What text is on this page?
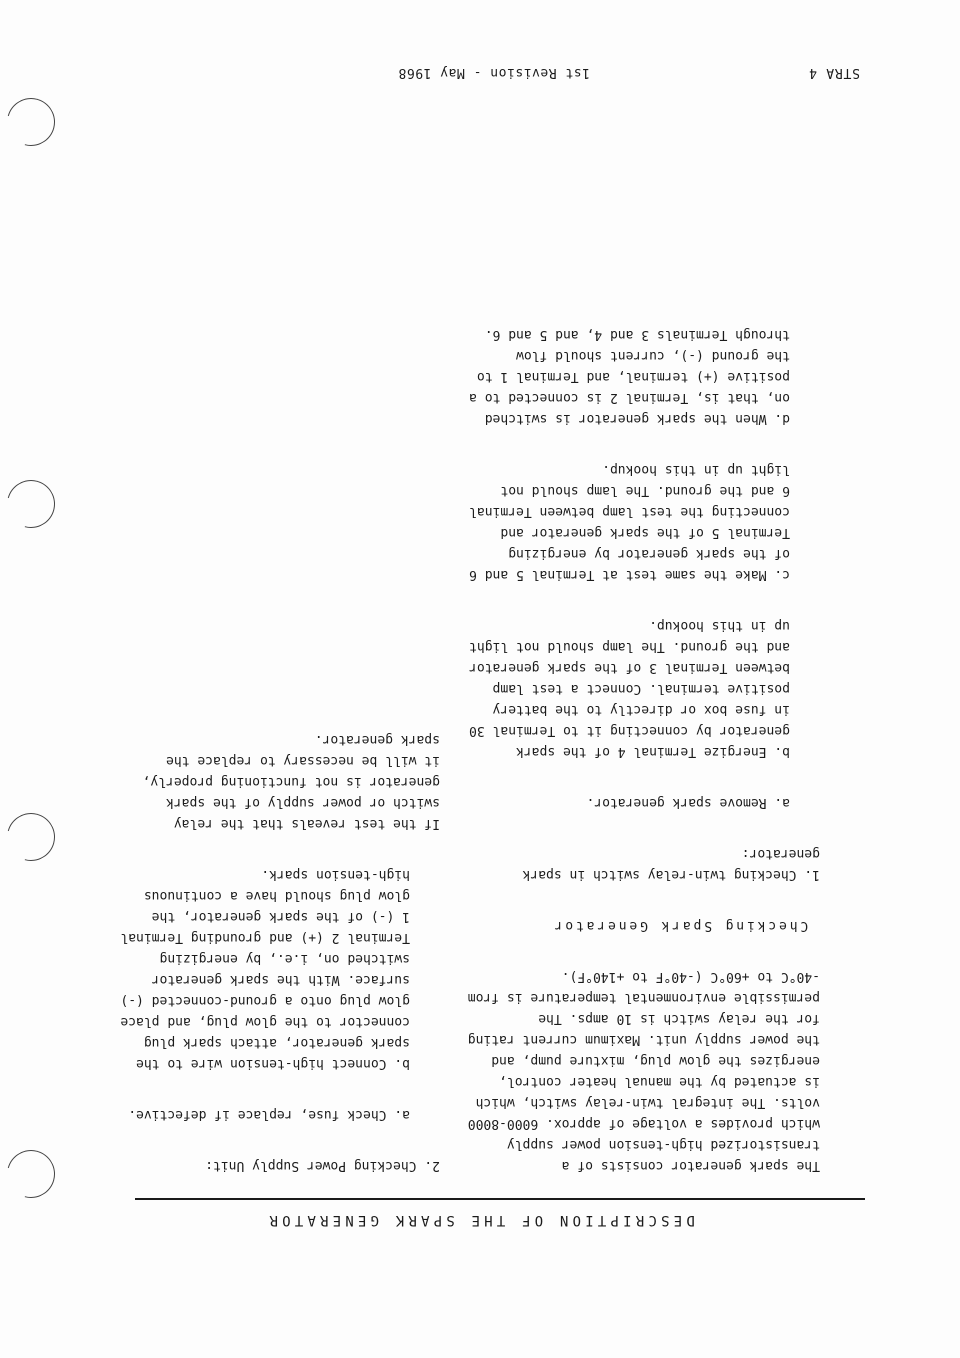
DESCRIPTION OF THE SPARK GENERATOR

The spark generator consists of a transistorized high-tension power supply which provides a voltage of approx. 6000-8000 volts. The integral twin-relay switch, which is actuated by the manual heater control, energizes the glow plug, mixture pump, and the power supply unit. Maximum current rating for the relay switch is 10 amps. The permissible environmental temperature is from -40°C to +60°C (-40°F to +140°F).

Checking Spark Generator

1. Checking twin-relay switch in spark generator:

a. Remove spark generator.

b. Energize Terminal 4 of the spark generator by connecting it to Terminal 30 in fuse box or directly to the battery positive terminal. Connect a test lamp between Terminal 3 of the spark generator and the ground. The lamp should not light up in this hookup.

c. Make the same test at Terminal 5 and 6 of the spark generator by energizing Terminal 5 of the spark generator and connecting the test lamp between Terminal 6 and the ground. The lamp should not light up in this hookup.

d. When the spark generator is switched on, that is, Terminal 2 is connected to a positive (+) terminal, and Terminal 1 to the ground (-), current should flow through Terminals 3 and 4, and 5 and 6.

2. Checking Power Supply Unit:

a. Check fuse, replace if defective.

b. Connect high-tension wire to the spark generator, attach spark plug connector to the glow plug, and place glow plug onto a ground-connected (-) surface. With the spark generator switched on, i.e., by energizing Terminal 2 (+) and grounding Terminal 1 (-) of the spark generator, the glow plug should have a continuous high-tension spark.

If the test reveals that the relay switch or power supply of the spark generator is not functioning properly, it will be necessary to replace the spark generator.

1st Revision - May 1968	STRA 4
